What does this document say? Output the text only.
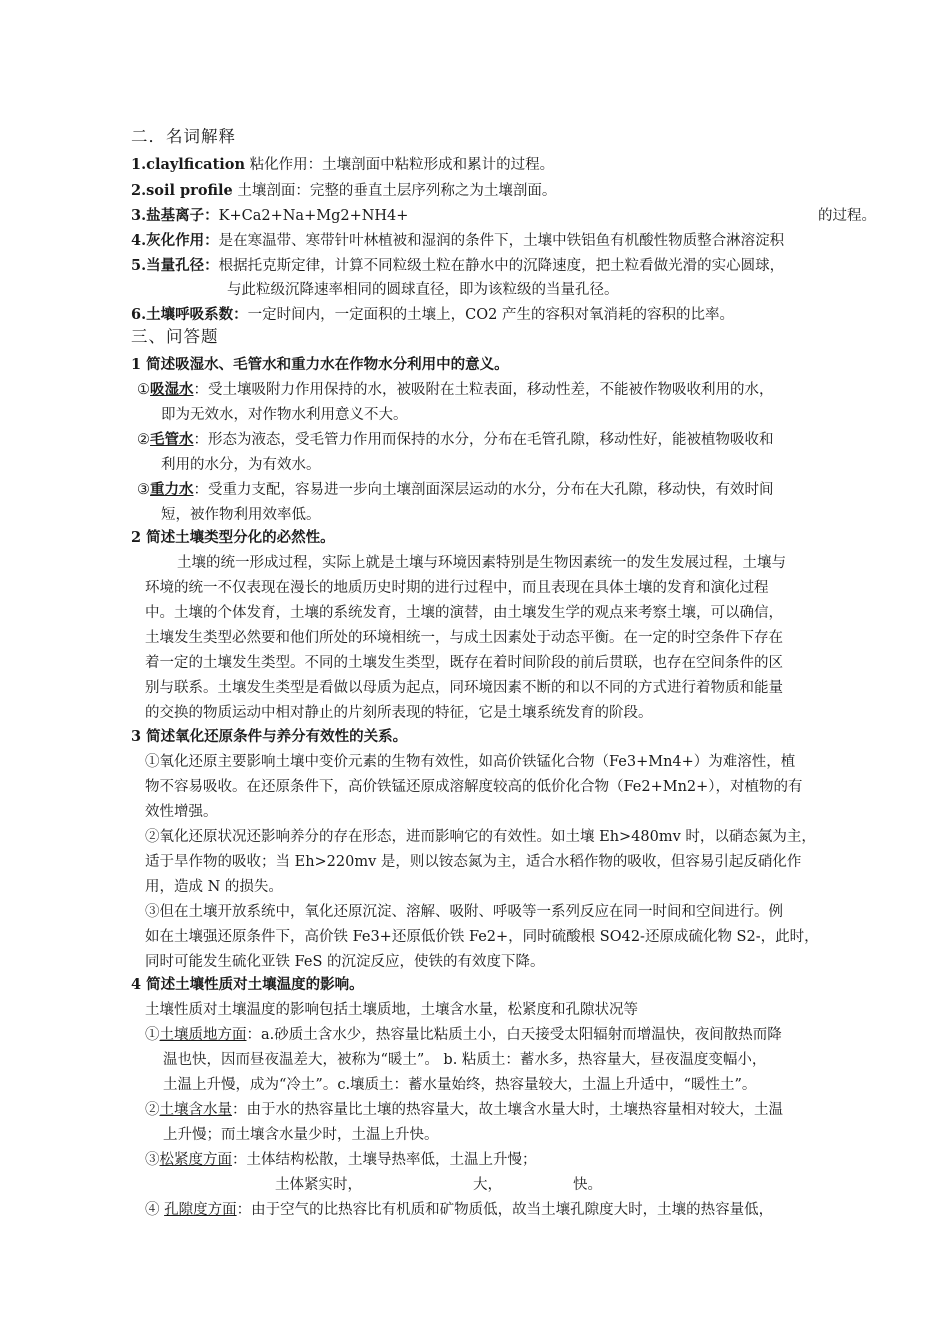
二．名词解释
1.claylfication 粘化作用：土壤剖面中粘粒形成和累计的过程。
2.soil profile 土壤剖面：完整的垂直土层序列称之为土壤剖面。
3.盐基离子：K+Ca2+Na+Mg2+NH4+	的过程。
4.灰化作用：是在寒温带、寒带针叶林植被和湿润的条件下，土壤中铁铝鱼有机酸性物质整合淋溶淀积
5.当量孔径：根据托克斯定律，计算不同粒级土粒在静水中的沉降速度，把土粒看做光滑的实心圆球，
与此粒级沉降速率相同的圆球直径，即为该粒级的当量孔径。
6.土壤呼吸系数：一定时间内，一定面积的土壤上，CO2 产生的容积对氧消耗的容积的比率。
三、问答题
1 简述吸湿水、毛管水和重力水在作物水分利用中的意义。
①吸湿水：受土壤吸附力作用保持的水，被吸附在土粒表面，移动性差，不能被作物吸收利用的水，
即为无效水，对作物水利用意义不大。
②毛管水：形态为液态，受毛管力作用而保持的水分，分布在毛管孔隙，移动性好，能被植物吸收和
利用的水分，为有效水。
③重力水：受重力支配，容易进一步向土壤剖面深层运动的水分，分布在大孔隙，移动快，有效时间
短，被作物利用效率低。
2 简述土壤类型分化的必然性。
土壤的统一形成过程，实际上就是土壤与环境因素特别是生物因素统一的发生发展过程，土壤与
环境的统一不仅表现在漫长的地质历史时期的进行过程中，而且表现在具体土壤的发育和演化过程
中。土壤的个体发育，土壤的系统发育，土壤的演替，由土壤发生学的观点来考察土壤，可以确信，
土壤发生类型必然要和他们所处的环境相统一，与成土因素处于动态平衡。在一定的时空条件下存在
着一定的土壤发生类型。不同的土壤发生类型，既存在着时间阶段的前后贯联，也存在空间条件的区
别与联系。土壤发生类型是看做以母质为起点，同环境因素不断的和以不同的方式进行着物质和能量
的交换的物质运动中相对静止的片刻所表现的特征，它是土壤系统发育的阶段。
3 简述氧化还原条件与养分有效性的关系。
①氧化还原主要影响土壤中变价元素的生物有效性，如高价铁锰化合物（Fe3+Mn4+）为难溶性，植
物不容易吸收。在还原条件下，高价铁锰还原成溶解度较高的低价化合物（Fe2+Mn2+），对植物的有
效性增强。
②氧化还原状况还影响养分的存在形态，进而影响它的有效性。如土壤 Eh>480mv 时，以硝态氮为主，
适于旱作物的吸收；当 Eh>220mv 是，则以铵态氮为主，适合水稻作物的吸收，但容易引起反硝化作
用，造成 N 的损失。
③但在土壤开放系统中，氧化还原沉淀、溶解、吸附、呼吸等一系列反应在同一时间和空间进行。例
如在土壤强还原条件下，高价铁 Fe3+还原低价铁 Fe2+，同时硫酸根 SO42-还原成硫化物 S2-，此时，
同时可能发生硫化亚铁 FeS 的沉淀反应，使铁的有效度下降。
4 简述土壤性质对土壤温度的影响。
土壤性质对土壤温度的影响包括土壤质地，土壤含水量，松紧度和孔隙状况等
①土壤质地方面：a.砂质土含水少，热容量比粘质土小，白天接受太阳辐射而增温快，夜间散热而降
温也快，因而昼夜温差大，被称为“暖土”。 b. 粘质土：蓄水多，热容量大，昼夜温度变幅小，
土温上升慢，成为“冷土”。c.壤质土：蓄水量始终，热容量较大，土温上升适中，“暖性土”。
②土壤含水量：由于水的热容量比土壤的热容量大，故土壤含水量大时，土壤热容量相对较大，土温
上升慢；而土壤含水量少时，土温上升快。
③松紧度方面：土体结构松散，土壤导热率低，土温上升慢；
土体紧实时，	大，	快。
④ 孔隙度方面：由于空气的比热容比有机质和矿物质低，故当土壤孔隙度大时，土壤的热容量低，
